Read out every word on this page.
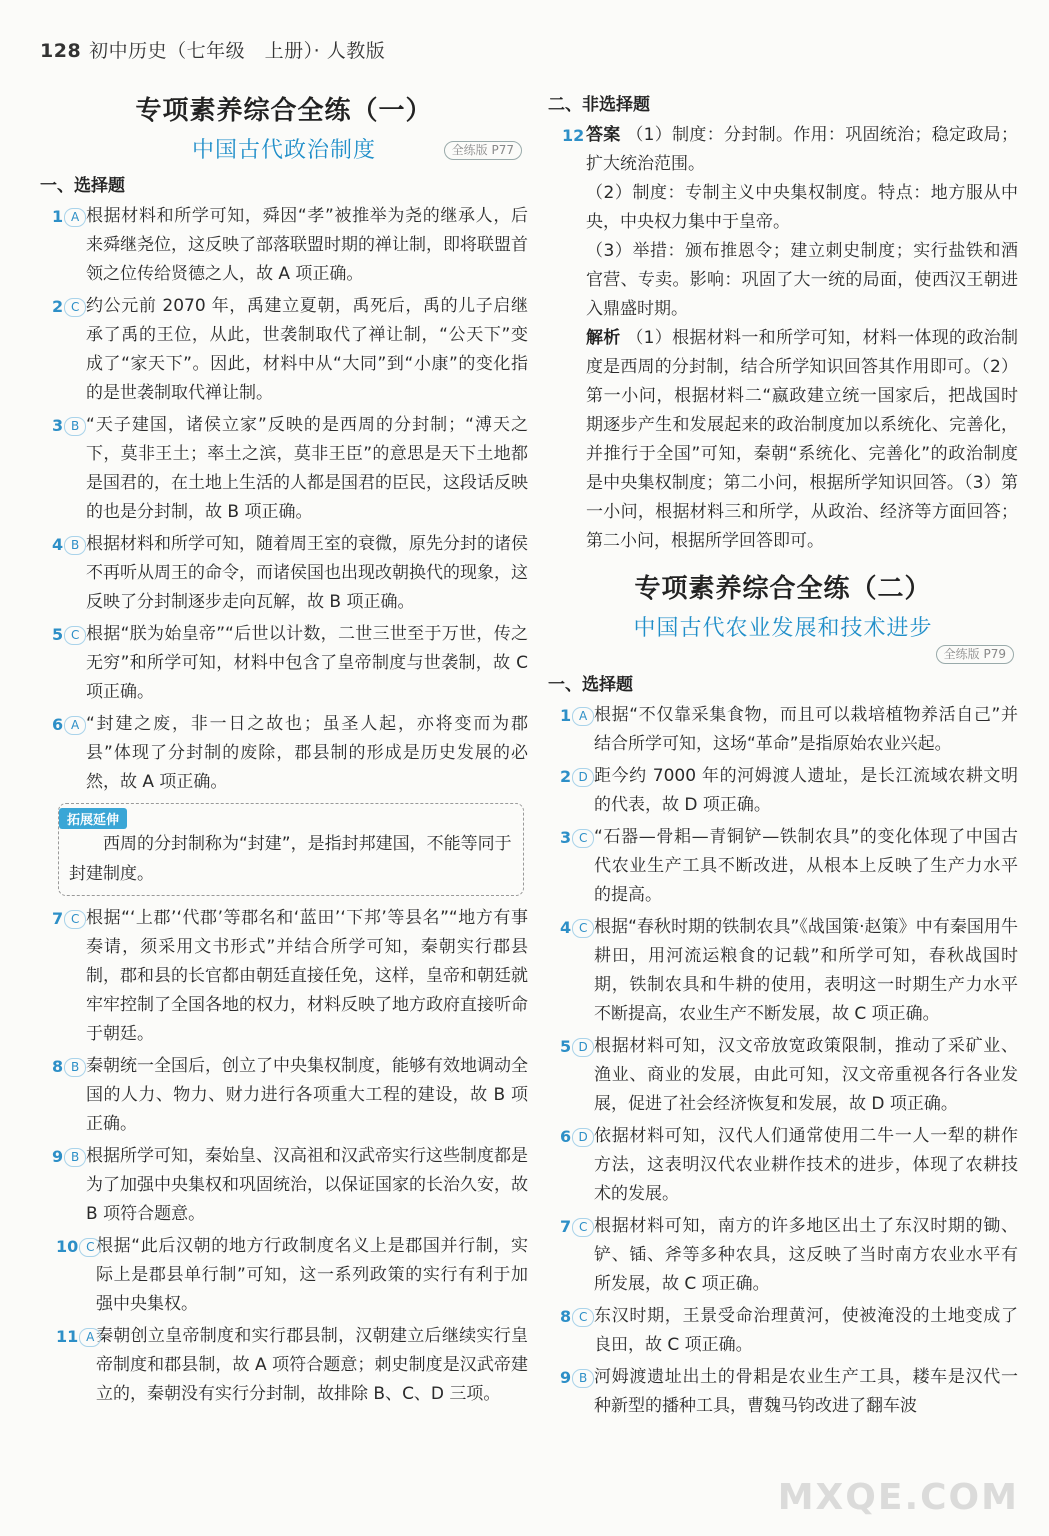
128 初中历史（七年级　上册）· 人教版
专项素养综合全练（一）
中国古代政治制度	全练版 P77
一、选择题
1 A 根据材料和所学可知，舜因“孝”被推举为尧的继承人，后来舜继尧位，这反映了部落联盟时期的禅让制，即将联盟首领之位传给贤德之人，故 A 项正确。
2 C 约公元前 2070 年，禹建立夏朝，禹死后，禹的儿子启继承了禹的王位，从此，世袭制取代了禅让制，“公天下”变成了“家天下”。因此，材料中从“大同”到“小康”的变化指的是世袭制取代禅让制。
3 B “天子建国，诸侯立家”反映的是西周的分封制；“溥天之下，莫非王土；率土之滨，莫非王臣”的意思是天下土地都是国君的，在土地上生活的人都是国君的臣民，这段话反映的也是分封制，故 B 项正确。
4 B 根据材料和所学可知，随着周王室的衰微，原先分封的诸侯不再听从周王的命令，而诸侯国也出现改朝换代的现象，这反映了分封制逐步走向瓦解，故 B 项正确。
5 C 根据“朕为始皇帝”“后世以计数，二世三世至于万世，传之无穷”和所学可知，材料中包含了皇帝制度与世袭制，故 C 项正确。
6 A “封建之废，非一日之故也；虽圣人起，亦将变而为郡县”体现了分封制的废除，郡县制的形成是历史发展的必然，故 A 项正确。
拓展延伸
西周的分封制称为“封建”，是指封邦建国，不能等同于封建制度。
7 C 根据“‘上郡’‘代郡’等郡名和‘蓝田’‘下邦’等县名”“地方有事奏请，须采用文书形式”并结合所学可知，秦朝实行郡县制，郡和县的长官都由朝廷直接任免，这样，皇帝和朝廷就牢牢控制了全国各地的权力，材料反映了地方政府直接听命于朝廷。
8 B 秦朝统一全国后，创立了中央集权制度，能够有效地调动全国的人力、物力、财力进行各项重大工程的建设，故 B 项正确。
9 B 根据所学可知，秦始皇、汉高祖和汉武帝实行这些制度都是为了加强中央集权和巩固统治，以保证国家的长治久安，故 B 项符合题意。
10 C 根据“此后汉朝的地方行政制度名义上是郡国并行制，实际上是郡县单行制”可知，这一系列政策的实行有利于加强中央集权。
11 A 秦朝创立皇帝制度和实行郡县制，汉朝建立后继续实行皇帝制度和郡县制，故 A 项符合题意；刺史制度是汉武帝建立的，秦朝没有实行分封制，故排除 B、C、D 三项。
二、非选择题
12 答案 （1）制度：分封制。作用：巩固统治；稳定政局；扩大统治范围。
（2）制度：专制主义中央集权制度。特点：地方服从中央，中央权力集中于皇帝。
（3）举措：颁布推恩令；建立刺史制度；实行盐铁和酒官营、专卖。影响：巩固了大一统的局面，使西汉王朝进入鼎盛时期。
解析 （1）根据材料一和所学可知，材料一体现的政治制度是西周的分封制，结合所学知识回答其作用即可。（2）第一小问，根据材料二“嬴政建立统一国家后，把战国时期逐步产生和发展起来的政治制度加以系统化、完善化，并推行于全国”可知，秦朝“系统化、完善化”的政治制度是中央集权制度；第二小问，根据所学知识回答。（3）第一小问，根据材料三和所学，从政治、经济等方面回答；第二小问，根据所学回答即可。
专项素养综合全练（二）
中国古代农业发展和技术进步
全练版 P79
一、选择题
1 A 根据“不仅靠采集食物，而且可以栽培植物养活自己”并结合所学可知，这场“革命”是指原始农业兴起。
2 D 距今约 7000 年的河姆渡人遗址，是长江流域农耕文明的代表，故 D 项正确。
3 C “石器—骨耜—青铜铲—铁制农具”的变化体现了中国古代农业生产工具不断改进，从根本上反映了生产力水平的提高。
4 C 根据“春秋时期的铁制农具”《战国策·赵策》中有秦国用牛耕田，用河流运粮食的记载”和所学可知，春秋战国时期，铁制农具和牛耕的使用，表明这一时期生产力水平不断提高，农业生产不断发展，故 C 项正确。
5 D 根据材料可知，汉文帝放宽政策限制，推动了采矿业、渔业、商业的发展，由此可知，汉文帝重视各行各业发展，促进了社会经济恢复和发展，故 D 项正确。
6 D 依据材料可知，汉代人们通常使用二牛一人一犁的耕作方法，这表明汉代农业耕作技术的进步，体现了农耕技术的发展。
7 C 根据材料可知，南方的许多地区出土了东汉时期的锄、铲、锸、斧等多种农具，这反映了当时南方农业水平有所发展，故 C 项正确。
8 C 东汉时期，王景受命治理黄河，使被淹没的土地变成了良田，故 C 项正确。
9 B 河姆渡遗址出土的骨耜是农业生产工具，耧车是汉代一种新型的播种工具，曹魏马钧改进了翻车波
MXQE.COM
